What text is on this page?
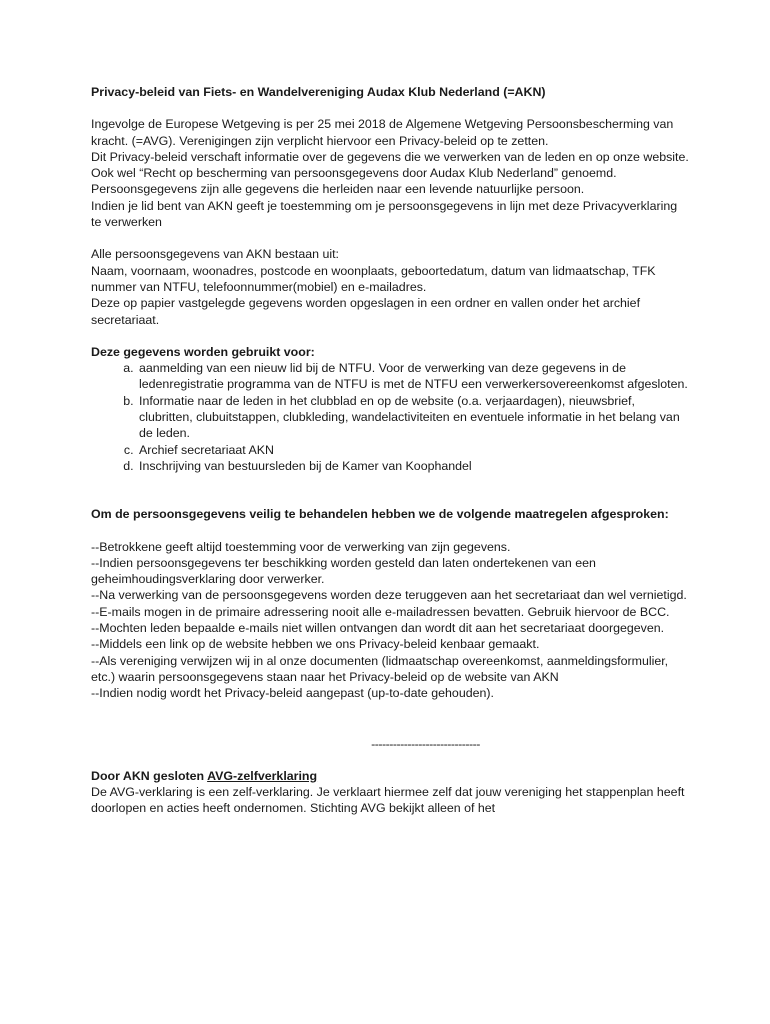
Privacy-beleid van Fiets- en Wandelvereniging Audax Klub Nederland (=AKN)

Ingevolge de Europese Wetgeving is per 25 mei 2018 de Algemene Wetgeving Persoonsbescherming van kracht. (=AVG). Verenigingen zijn verplicht hiervoor een Privacy-beleid op te zetten.

Dit Privacy-beleid verschaft informatie over de gegevens die we verwerken van de leden en op onze website.

Ook wel “Recht op bescherming van persoonsgegevens door Audax Klub Nederland” genoemd.

Persoonsgegevens zijn alle gegevens die herleiden naar een levende natuurlijke persoon.

Indien je lid bent van AKN geeft je toestemming om je persoonsgegevens in lijn met deze Privacyverklaring te verwerken

Alle persoonsgegevens van AKN bestaan uit:

Naam, voornaam, woonadres, postcode en woonplaats, geboortedatum, datum van lidmaatschap, TFK nummer van NTFU, telefoonnummer(mobiel) en e-mailadres.

Deze op papier vastgelegde gegevens worden opgeslagen in een ordner en vallen onder het archief secretariaat.

Deze gegevens worden gebruikt voor:

a. aanmelding van een nieuw lid bij de NTFU. Voor de verwerking van deze gegevens in de ledenregistratie programma van de NTFU is met de NTFU een verwerkersovereenkomst afgesloten.
b. Informatie naar de leden in het clubblad en op de website (o.a. verjaardagen), nieuwsbrief, clubritten, clubuitstappen, clubkleding, wandelactiviteiten en eventuele informatie in het belang van de leden.
c. Archief secretariaat AKN
d. Inschrijving van bestuursleden bij de Kamer van Koophandel

Om de persoonsgegevens veilig te behandelen hebben we de volgende maatregelen afgesproken:

--Betrokkene geeft altijd toestemming voor de verwerking van zijn gegevens.

--Indien persoonsgegevens ter beschikking worden gesteld dan laten ondertekenen van een geheimhoudingsverklaring door verwerker.

--Na verwerking van de persoonsgegevens worden deze teruggeven aan het secretariaat dan wel vernietigd.

--E-mails mogen in de primaire adressering nooit alle e-mailadressen bevatten. Gebruik hiervoor de BCC.

--Mochten leden bepaalde e-mails niet willen ontvangen dan wordt dit aan het secretariaat doorgegeven.

--Middels een link op de website hebben we ons Privacy-beleid kenbaar gemaakt.

--Als vereniging verwijzen wij in al onze documenten (lidmaatschap overeenkomst, aanmeldingsformulier, etc.) waarin persoonsgegevens staan naar het Privacy-beleid op de website van AKN

--Indien nodig wordt het Privacy-beleid aangepast (up-to-date gehouden).

------------------------------

Door AKN gesloten AVG-zelfverklaring

De AVG-verklaring is een zelf-verklaring. Je verklaart hiermee zelf dat jouw vereniging het stappenplan heeft doorlopen en acties heeft ondernomen. Stichting AVG bekijkt alleen of het
